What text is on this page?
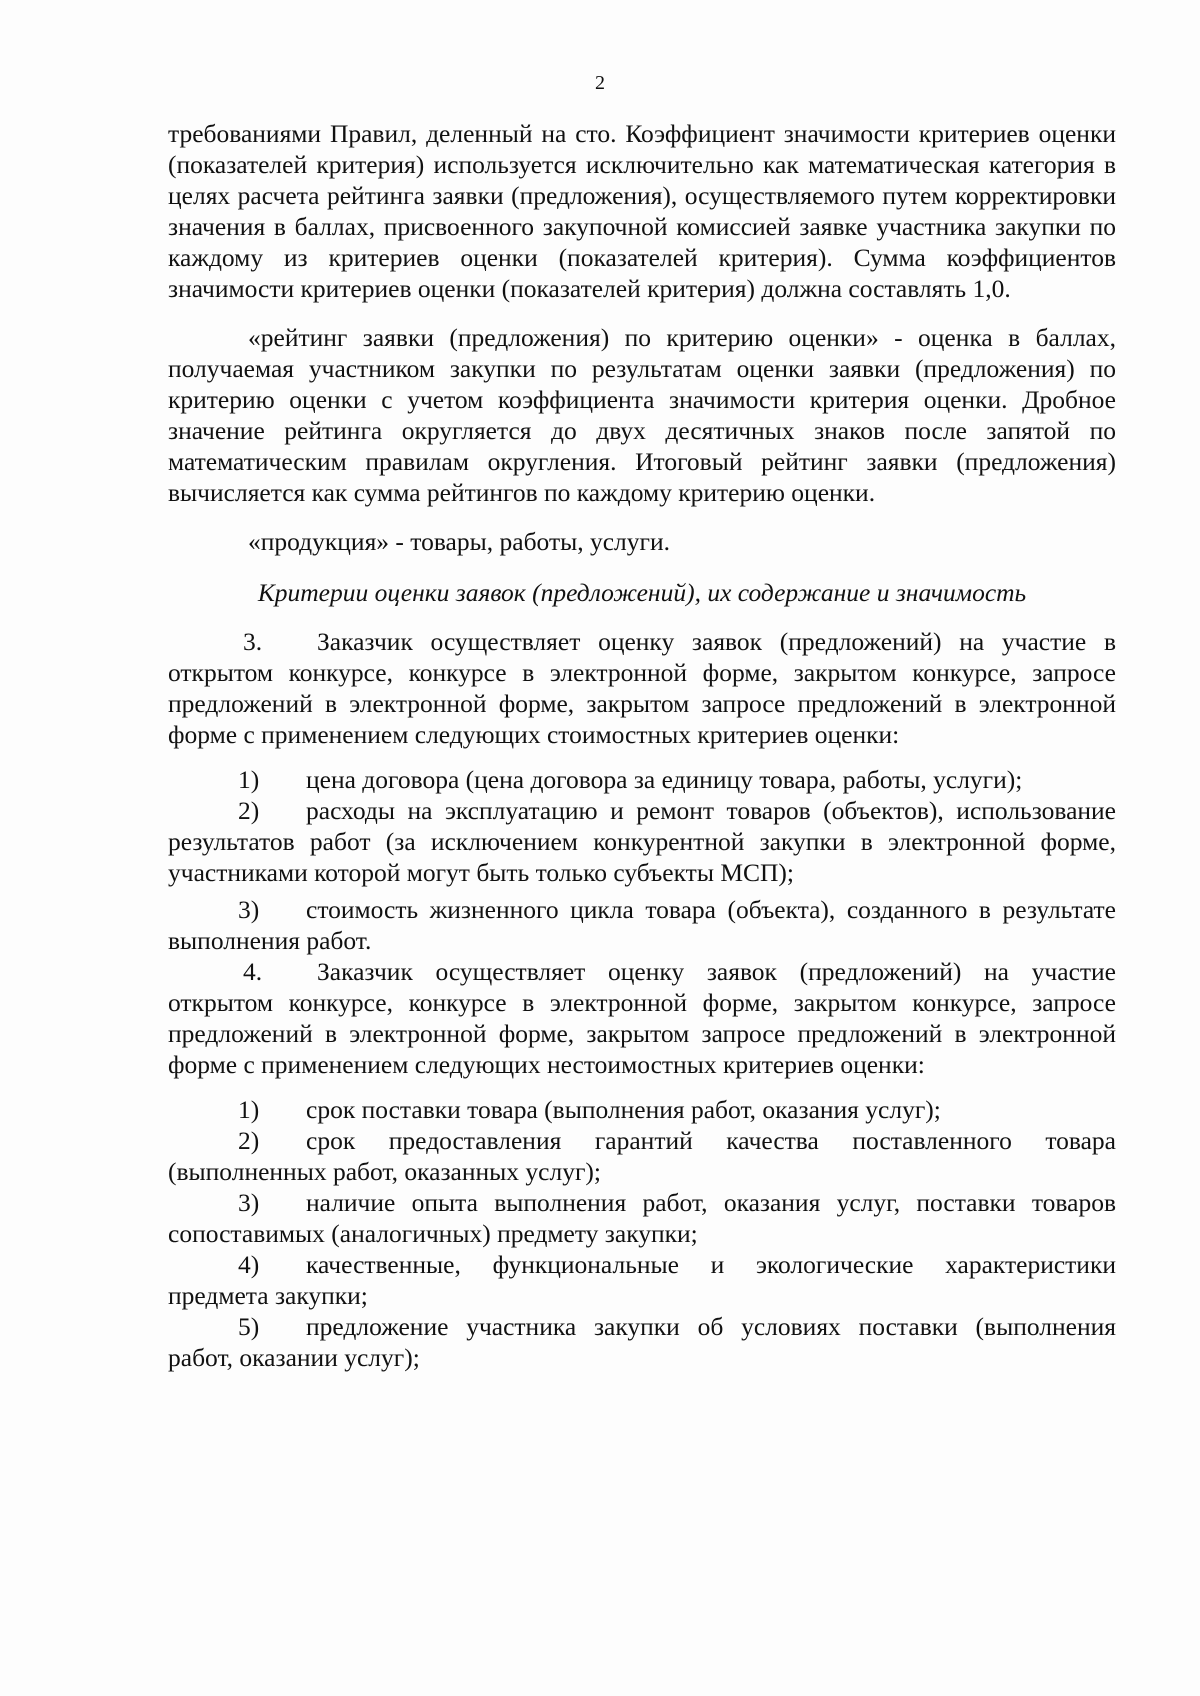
2

требованиями Правил, деленный на сто. Коэффициент значимости критериев оценки (показателей критерия) используется исключительно как математическая категория в целях расчета рейтинга заявки (предложения), осуществляемого путем корректировки значения в баллах, присвоенного закупочной комиссией заявке участника закупки по каждому из критериев оценки (показателей критерия). Сумма коэффициентов значимости критериев оценки (показателей критерия) должна составлять 1,0.

«рейтинг заявки (предложения) по критерию оценки» - оценка в баллах, получаемая участником закупки по результатам оценки заявки (предложения) по критерию оценки с учетом коэффициента значимости критерия оценки. Дробное значение рейтинга округляется до двух десятичных знаков после запятой по математическим правилам округления. Итоговый рейтинг заявки (предложения) вычисляется как сумма рейтингов по каждому критерию оценки.

«продукция» - товары, работы, услуги.

Критерии оценки заявок (предложений), их содержание и значимость

3. Заказчик осуществляет оценку заявок (предложений) на участие в открытом конкурсе, конкурсе в электронной форме, закрытом конкурсе, запросе предложений в электронной форме, закрытом запросе предложений в электронной форме с применением следующих стоимостных критериев оценки:

1) цена договора (цена договора за единицу товара, работы, услуги);

2) расходы на эксплуатацию и ремонт товаров (объектов), использование результатов работ (за исключением конкурентной закупки в электронной форме, участниками которой могут быть только субъекты МСП);

3) стоимость жизненного цикла товара (объекта), созданного в результате выполнения работ.

4. Заказчик осуществляет оценку заявок (предложений) на участие открытом конкурсе, конкурсе в электронной форме, закрытом конкурсе, запросе предложений в электронной форме, закрытом запросе предложений в электронной форме с применением следующих нестоимостных критериев оценки:

1) срок поставки товара (выполнения работ, оказания услуг);

2) срок предоставления гарантий качества поставленного товара (выполненных работ, оказанных услуг);

3) наличие опыта выполнения работ, оказания услуг, поставки товаров сопоставимых (аналогичных) предмету закупки;

4) качественные, функциональные и экологические характеристики предмета закупки;

5) предложение участника закупки об условиях поставки (выполнения работ, оказании услуг);
